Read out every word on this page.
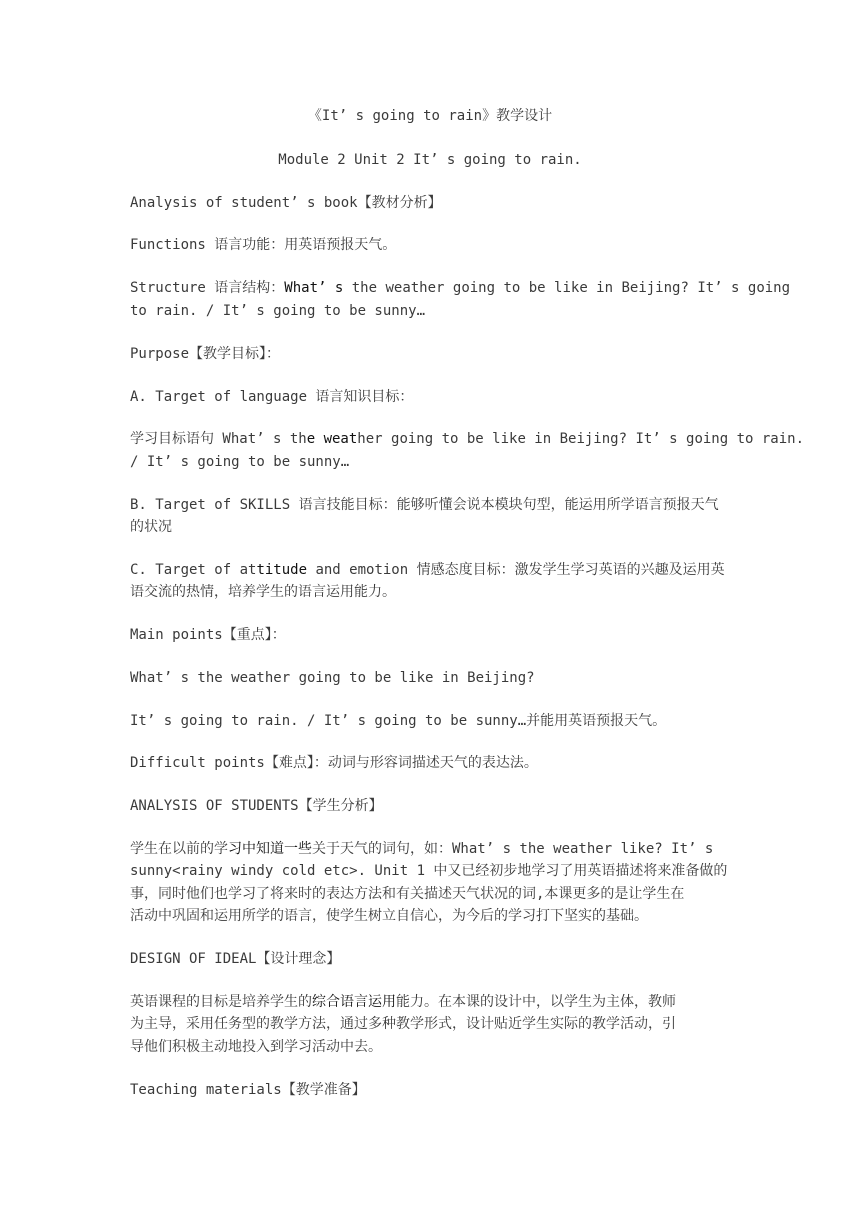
《It’ s going to rain》教学设计
Module 2 Unit 2 It’ s going to rain.
Analysis of student’ s book【教材分析】
Functions 语言功能：用英语预报天气。
Structure 语言结构：What’ s the weather going to be like in Beijing? It’ s going
to rain. / It’ s going to be sunny…
Purpose【教学目标】：
A. Target of language 语言知识目标：
学习目标语句 What’ s the weather going to be like in Beijing? It’ s going to rain.
/ It’ s going to be sunny…
B. Target of SKILLS 语言技能目标：能够听懂会说本模块句型，能运用所学语言预报天气
的状况
C. Target of attitude and emotion 情感态度目标：激发学生学习英语的兴趣及运用英
语交流的热情，培养学生的语言运用能力。
Main points【重点】：
What’ s the weather going to be like in Beijing?
It’ s going to rain. / It’ s going to be sunny…并能用英语预报天气。
Difficult points【难点】：动词与形容词描述天气的表达法。
ANALYSIS OF STUDENTS【学生分析】
学生在以前的学习中知道一些关于天气的词句，如：What’ s the weather like? It’ s
sunny<rainy windy cold etc>. Unit 1 中又已经初步地学习了用英语描述将来准备做的
事，同时他们也学习了将来时的表达方法和有关描述天气状况的词,本课更多的是让学生在
活动中巩固和运用所学的语言，使学生树立自信心，为今后的学习打下坚实的基础。
DESIGN OF IDEAL【设计理念】
英语课程的目标是培养学生的综合语言运用能力。在本课的设计中，以学生为主体，教师
为主导，采用任务型的教学方法，通过多种教学形式，设计贴近学生实际的教学活动，引
导他们积极主动地投入到学习活动中去。
Teaching materials【教学准备】
